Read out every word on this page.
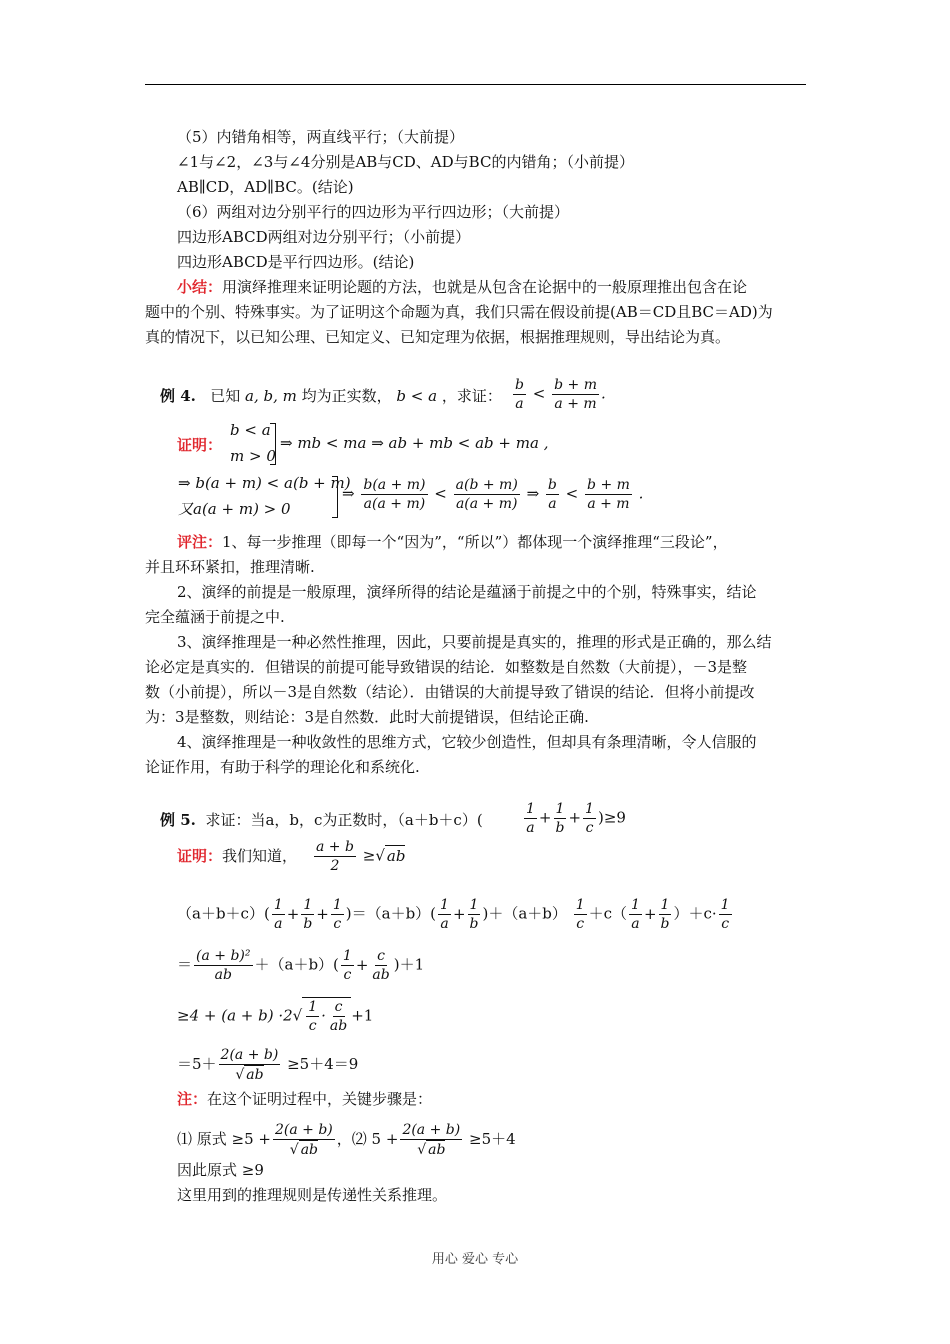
（5）内错角相等，两直线平行；（大前提）
∠1与∠2，∠3与∠4分别是AB与CD、AD与BC的内错角；（小前提）
AB∥CD，AD∥BC。(结论)
（6）两组对边分别平行的四边形为平行四边形；（大前提）
四边形ABCD两组对边分别平行；（小前提）
四边形ABCD是平行四边形。(结论)
小结：用演绎推理来证明论题的方法，也就是从包含在论据中的一般原理推出包含在论
题中的个别、特殊事实。为了证明这个命题为真，我们只需在假设前提(AB＝CD且BC＝AD)为
真的情况下，以已知公理、已知定义、已知定理为依据，根据推理规则，导出结论为真。
例 4. 已知 a, b, m 均为正实数， b < a ，求证： $\frac{b}{a} < \frac{b + m}{a + m}$ .
证明：
b < a
m > 0
⇒ mb < ma ⇒ ab + mb < ab + ma ,
⇒ b(a + m) < a(b + m)
又a(a + m) > 0
⇒ $\frac{b(a + m)}{a(a + m)} < \frac{a(b + m)}{a(a + m)}$ ⇒ $\frac{b}{a} < \frac{b + m}{a + m}$ .
评注：1、每一步推理（即每一个“因为”，“所以”）都体现一个演绎推理“三段论”，
并且环环紧扣，推理清晰.
2、演绎的前提是一般原理，演绎所得的结论是蕴涵于前提之中的个别，特殊事实，结论
完全蕴涵于前提之中.
3、演绎推理是一种必然性推理，因此，只要前提是真实的，推理的形式是正确的，那么结
论必定是真实的．但错误的前提可能导致错误的结论．如整数是自然数（大前提），－3是整
数（小前提），所以－3是自然数（结论）．由错误的大前提导致了错误的结论．但将小前提改
为：3是整数，则结论：3是自然数．此时大前提错误，但结论正确.
4、演绎推理是一种收敛性的思维方式，它较少创造性，但却具有条理清晰，令人信服的
论证作用，有助于科学的理论化和系统化.
例 5. 求证：当a，b，c为正数时，（a＋b＋c）(	$\frac{1}{a} + \frac{1}{b} + \frac{1}{c} )\ge 9$
证明：我们知道， $\frac{a + b}{2}$ ≥√ ab
$(a+b+c)( \frac{1}{a} + \frac{1}{b} + \frac{1}{c} )=(a+b)( \frac{1}{a} + \frac{1}{b} )+(a+b) \frac{1}{c} +c( \frac{1}{a} + \frac{1}{b} )+c\cdot \frac{1}{c}$
＝ $\frac{\text{(a + b)²}}{ab} +(a+b)( \frac{1}{c} + \frac{c}{ab} )+1$
$\ge 4 + (a + b) \cdot 2√ \frac{1}{c} \cdot \frac{c}{ab} +1$
$=5+ \frac{2(a + b)}{√ ab} \ge 5+4=9$
注：在这个证明过程中，关键步骤是：
⑴ 原式 $\ge 5 + \frac{2(a + b)}{√ ab}$ ，⑵ $5 + \frac{2(a + b)}{√ ab} \ge 5+4$
因此原式 ≥9
这里用到的推理规则是传递性关系推理。
用心 爱心 专心
